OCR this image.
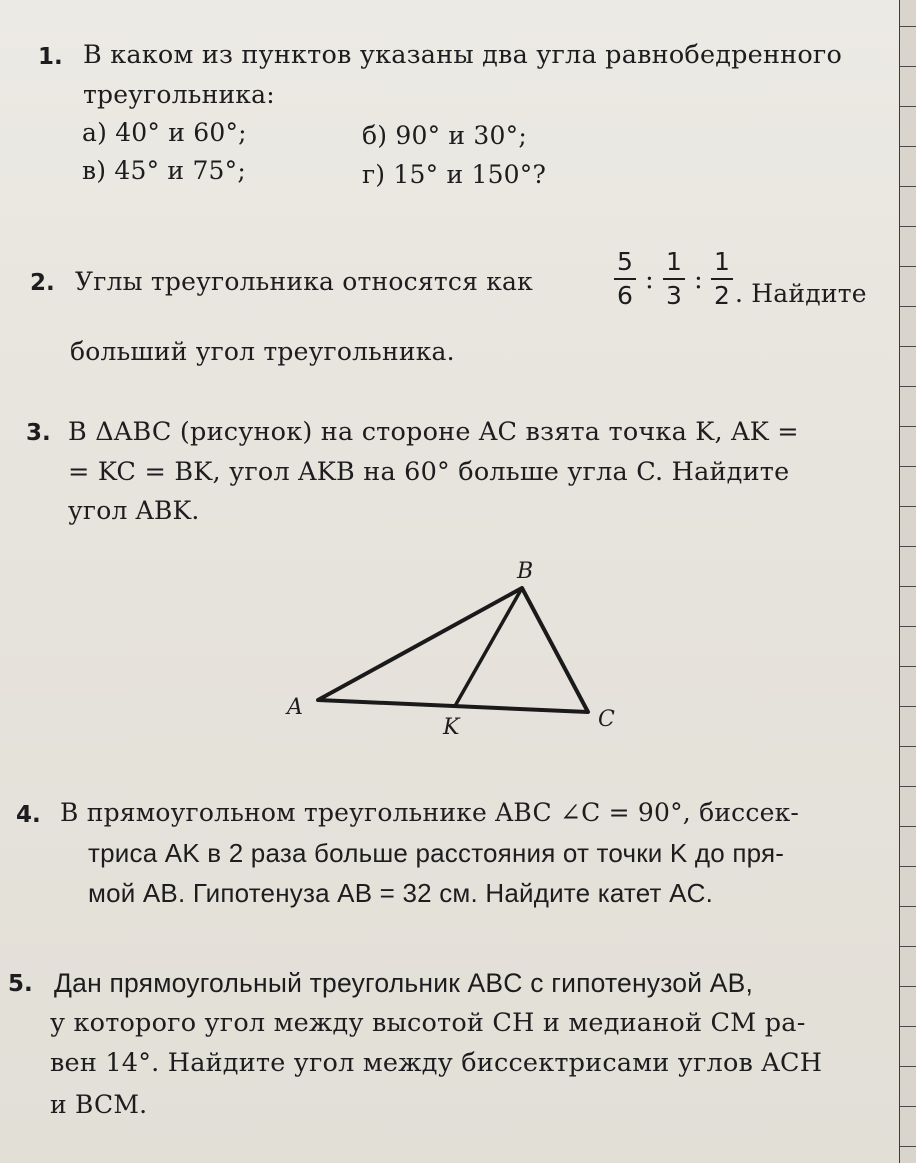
1. В каком из пунктов указаны два угла равнобедренного
треугольника:
а) 40° и 60°;	б) 90° и 30°;
в) 45° и 75°;	г) 15° и 150°?
2. Углы треугольника относятся как
5
6
:
1
3
:
1
2 . Найдите
больший угол треугольника.
3. В ΔABC (рисунок) на стороне AC взята точка K, AK =
= KC = BK, угол AKB на 60° больше угла C. Найдите
угол ABK.
B
A
K	C
4. В прямоугольном треугольнике ABC ∠C = 90°, биссек-
триса AK в 2 раза больше расстояния от точки K до пря-
мой AB. Гипотенуза AB = 32 см. Найдите катет AC.
5. Дан прямоугольный треугольник ABC с гипотенузой AB,
у которого угол между высотой CH и медианой CM ра-
вен 14°. Найдите угол между биссектрисами углов ACH
и BCM.
